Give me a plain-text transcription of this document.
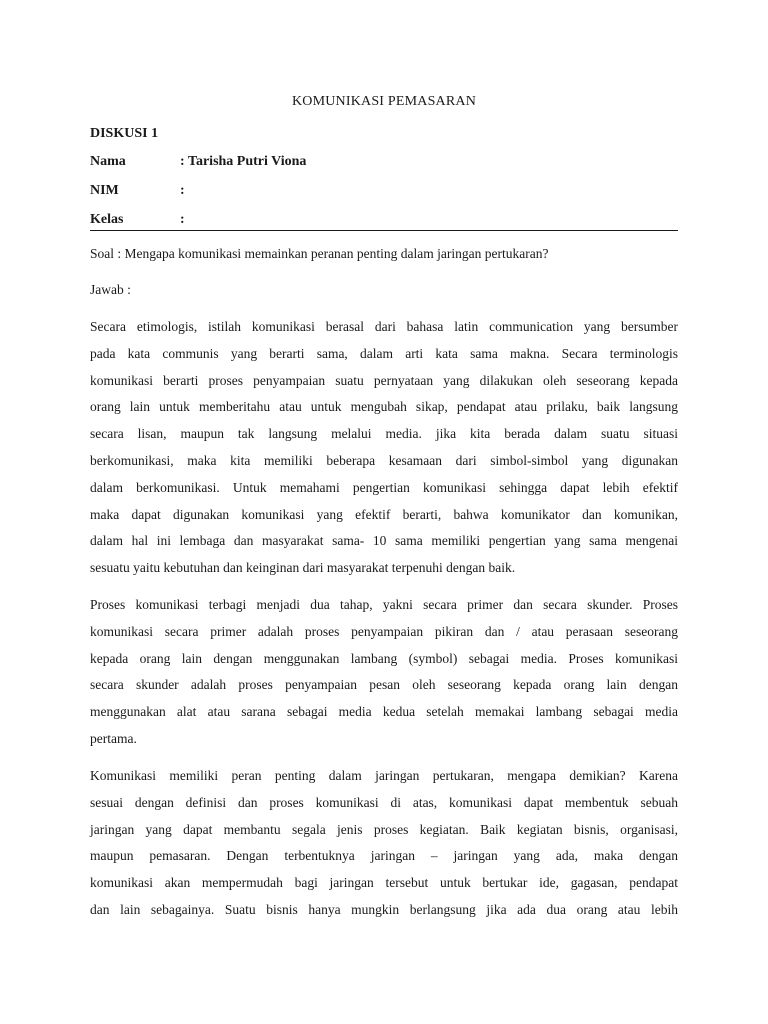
KOMUNIKASI PEMASARAN
DISKUSI 1
Nama	: Tarisha Putri Viona
NIM	:
Kelas	:
Soal : Mengapa komunikasi memainkan peranan penting dalam jaringan pertukaran?
Jawab :
Secara etimologis, istilah komunikasi berasal dari bahasa latin communication yang bersumber
pada kata communis yang berarti sama, dalam arti kata sama makna. Secara terminologis
komunikasi berarti proses penyampaian suatu pernyataan yang dilakukan oleh seseorang kepada
orang lain untuk memberitahu atau untuk mengubah sikap, pendapat atau prilaku, baik langsung
secara lisan, maupun tak langsung melalui media. jika kita berada dalam suatu situasi
berkomunikasi, maka kita memiliki beberapa kesamaan dari simbol-simbol yang digunakan
dalam berkomunikasi. Untuk memahami pengertian komunikasi sehingga dapat lebih efektif
maka dapat digunakan komunikasi yang efektif berarti, bahwa komunikator dan komunikan,
dalam hal ini lembaga dan masyarakat sama- 10 sama memiliki pengertian yang sama mengenai
sesuatu yaitu kebutuhan dan keinginan dari masyarakat terpenuhi dengan baik.
Proses komunikasi terbagi menjadi dua tahap, yakni secara primer dan secara skunder. Proses
komunikasi secara primer adalah proses penyampaian pikiran dan / atau perasaan seseorang
kepada orang lain dengan menggunakan lambang (symbol) sebagai media. Proses komunikasi
secara skunder adalah proses penyampaian pesan oleh seseorang kepada orang lain dengan
menggunakan alat atau sarana sebagai media kedua setelah memakai lambang sebagai media
pertama.
Komunikasi memiliki peran penting dalam jaringan pertukaran, mengapa demikian? Karena
sesuai dengan definisi dan proses komunikasi di atas, komunikasi dapat membentuk sebuah
jaringan yang dapat membantu segala jenis proses kegiatan. Baik kegiatan bisnis, organisasi,
maupun pemasaran. Dengan terbentuknya jaringan – jaringan yang ada, maka dengan
komunikasi akan mempermudah bagi jaringan tersebut untuk bertukar ide, gagasan, pendapat
dan lain sebagainya. Suatu bisnis hanya mungkin berlangsung jika ada dua orang atau lebih
